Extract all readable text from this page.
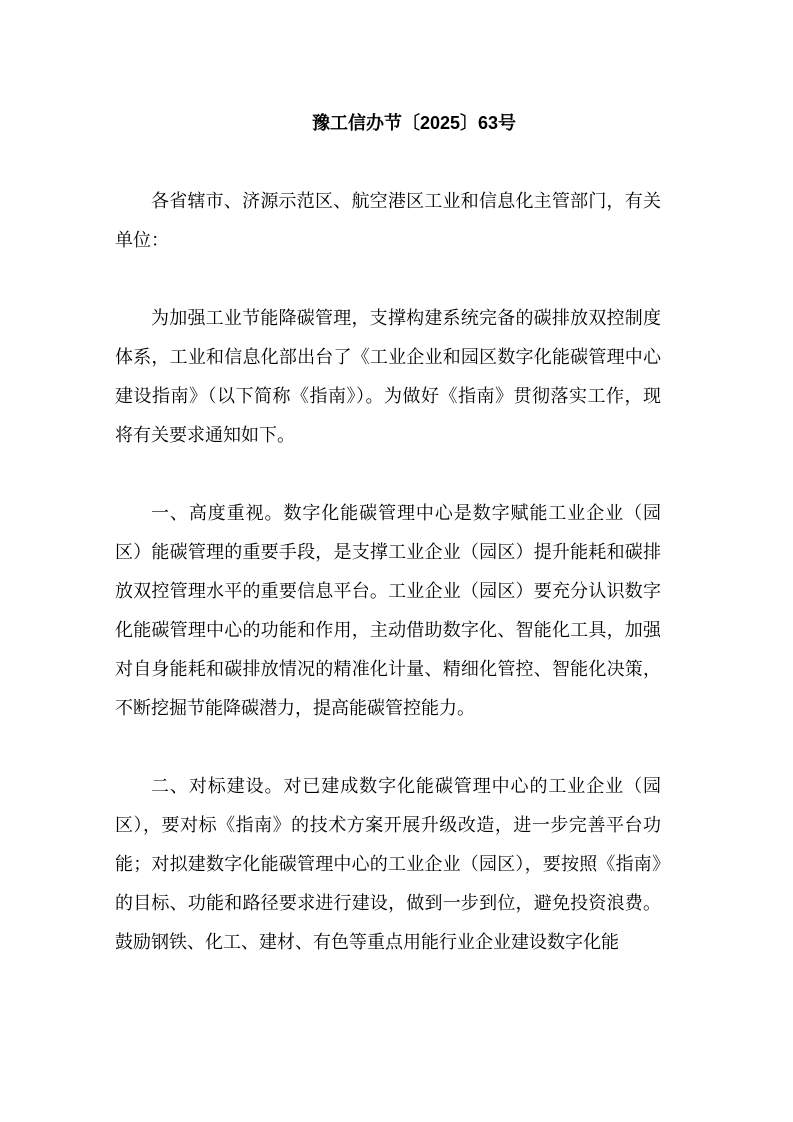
豫工信办节〔2025〕63号

各省辖市、济源示范区、航空港区工业和信息化主管部门，有关单位：

为加强工业节能降碳管理，支撑构建系统完备的碳排放双控制度体系，工业和信息化部出台了《工业企业和园区数字化能碳管理中心建设指南》（以下简称《指南》）。为做好《指南》贯彻落实工作，现将有关要求通知如下。

一、高度重视。数字化能碳管理中心是数字赋能工业企业（园区）能碳管理的重要手段，是支撑工业企业（园区）提升能耗和碳排放双控管理水平的重要信息平台。工业企业（园区）要充分认识数字化能碳管理中心的功能和作用，主动借助数字化、智能化工具，加强对自身能耗和碳排放情况的精准化计量、精细化管控、智能化决策，不断挖掘节能降碳潜力，提高能碳管控能力。

二、对标建设。对已建成数字化能碳管理中心的工业企业（园区），要对标《指南》的技术方案开展升级改造，进一步完善平台功能；对拟建数字化能碳管理中心的工业企业（园区），要按照《指南》的目标、功能和路径要求进行建设，做到一步到位，避免投资浪费。鼓励钢铁、化工、建材、有色等重点用能行业企业建设数字化能
